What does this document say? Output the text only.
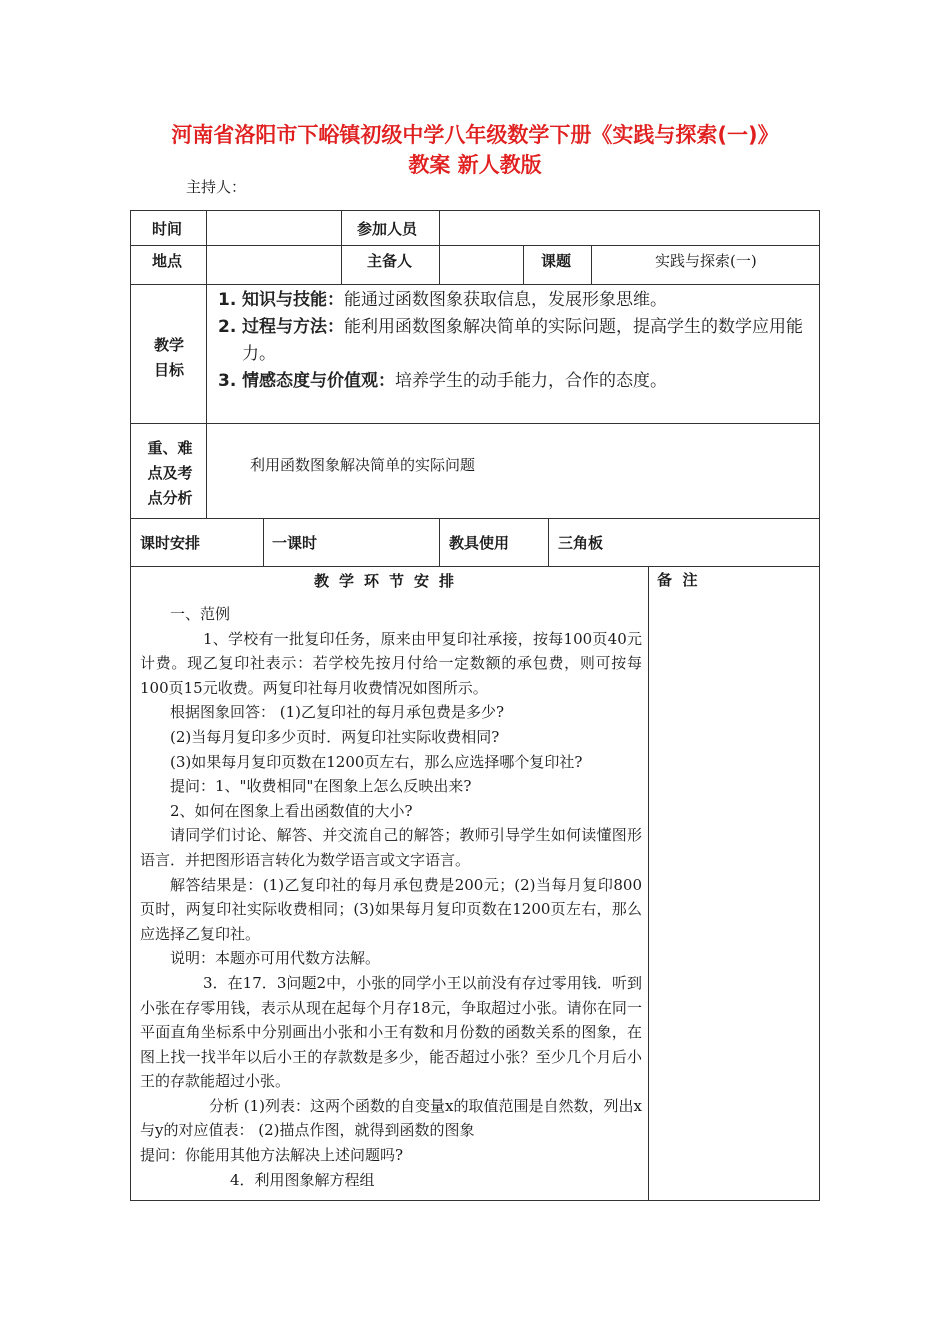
河南省洛阳市下峪镇初级中学八年级数学下册《实践与探索(一)》
教案 新人教版
主持人：
时间	参加人员
地点	主备人	课题	实践与探索(一)
教学
目标
1. 知识与技能：能通过函数图象获取信息，发展形象思维。
2. 过程与方法：能利用函数图象解决简单的实际问题，提高学生的数学应用能力。
3. 情感态度与价值观：培养学生的动手能力，合作的态度。
重、难
点及考
点分析
利用函数图象解决简单的实际问题
课时安排	一课时	教具使用	三角板
教学环节安排	备  注

一、范例

1、学校有一批复印任务，原来由甲复印社承接，按每100页40元计费。现乙复印社表示：若学校先按月付给一定数额的承包费，则可按每100页15元收费。两复印社每月收费情况如图所示。

根据图象回答： (1)乙复印社的每月承包费是多少?

(2)当每月复印多少页时．两复印社实际收费相同?

(3)如果每月复印页数在1200页左右，那么应选择哪个复印社?

提问：1、"收费相同"在图象上怎么反映出来?

2、如何在图象上看出函数值的大小?

请同学们讨论、解答、并交流自己的解答；教师引导学生如何读懂图形语言．并把图形语言转化为数学语言或文字语言。

解答结果是：(1)乙复印社的每月承包费是200元；(2)当每月复印800页时，两复印社实际收费相同；(3)如果每月复印页数在1200页左右，那么应选择乙复印社。

说明：本题亦可用代数方法解。

3．在17．3问题2中，小张的同学小王以前没有存过零用钱．听到小张在存零用钱，表示从现在起每个月存18元，争取超过小张。请你在同一平面直角坐标系中分别画出小张和小王有数和月份数的函数关系的图象，在图上找一找半年以后小王的存款数是多少，能否超过小张？至少几个月后小王的存款能超过小张。

分析 (1)列表：这两个函数的自变量x的取值范围是自然数，列出x与y的对应值表： (2)描点作图，就得到函数的图象

提问：你能用其他方法解决上述问题吗?

4．利用图象解方程组
